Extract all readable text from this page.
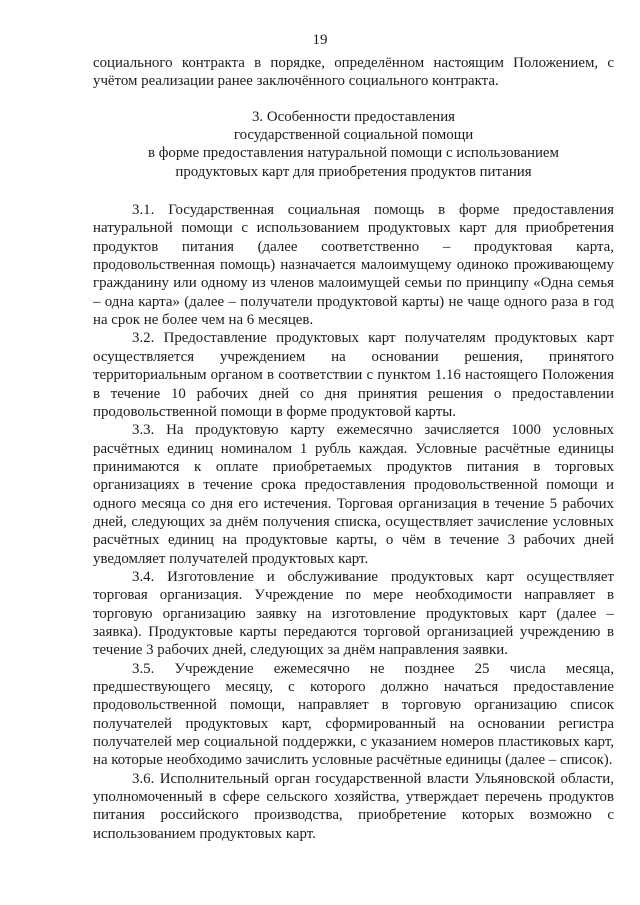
19

социального контракта в порядке, определённом настоящим Положением, с учётом реализации ранее заключённого социального контракта.

3. Особенности предоставления
государственной социальной помощи
в форме предоставления натуральной помощи с использованием
продуктовых карт для приобретения продуктов питания

3.1. Государственная социальная помощь в форме предоставления натуральной помощи с использованием продуктовых карт для приобретения продуктов питания (далее соответственно – продуктовая карта, продовольственная помощь) назначается малоимущему одиноко проживающему гражданину или одному из членов малоимущей семьи по принципу «Одна семья – одна карта» (далее – получатели продуктовой карты) не чаще одного раза в год на срок не более чем на 6 месяцев.

3.2. Предоставление продуктовых карт получателям продуктовых карт осуществляется учреждением на основании решения, принятого территориальным органом в соответствии с пунктом 1.16 настоящего Положения в течение 10 рабочих дней со дня принятия решения о предоставлении продовольственной помощи в форме продуктовой карты.

3.3. На продуктовую карту ежемесячно зачисляется 1000 условных расчётных единиц номиналом 1 рубль каждая. Условные расчётные единицы принимаются к оплате приобретаемых продуктов питания в торговых организациях в течение срока предоставления продовольственной помощи и одного месяца со дня его истечения. Торговая организация в течение 5 рабочих дней, следующих за днём получения списка, осуществляет зачисление условных расчётных единиц на продуктовые карты, о чём в течение 3 рабочих дней уведомляет получателей продуктовых карт.

3.4. Изготовление и обслуживание продуктовых карт осуществляет торговая организация. Учреждение по мере необходимости направляет в торговую организацию заявку на изготовление продуктовых карт (далее – заявка). Продуктовые карты передаются торговой организацией учреждению в течение 3 рабочих дней, следующих за днём направления заявки.

3.5. Учреждение ежемесячно не позднее 25 числа месяца, предшествующего месяцу, с которого должно начаться предоставление продовольственной помощи, направляет в торговую организацию список получателей продуктовых карт, сформированный на основании регистра получателей мер социальной поддержки, с указанием номеров пластиковых карт, на которые необходимо зачислить условные расчётные единицы (далее – список).

3.6. Исполнительный орган государственной власти Ульяновской области, уполномоченный в сфере сельского хозяйства, утверждает перечень продуктов питания российского производства, приобретение которых возможно с использованием продуктовых карт.
